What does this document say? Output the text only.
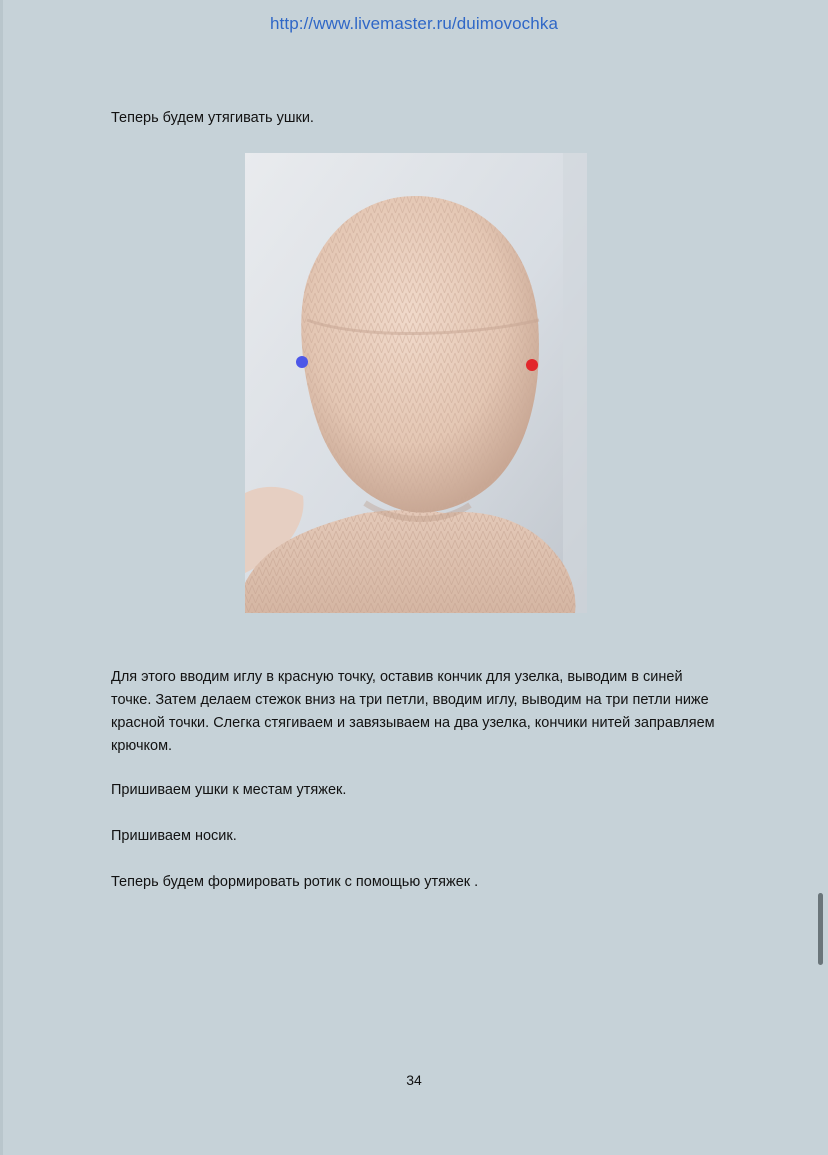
http://www.livemaster.ru/duimovochka

Теперь будем утягивать ушки.

Для этого вводим иглу в красную точку, оставив кончик для узелка, выводим в синей точке. Затем делаем стежок вниз на три петли, вводим иглу, выводим на три петли ниже красной точки. Слегка стягиваем и завязываем на два узелка, кончики нитей заправляем крючком.

Пришиваем ушки к местам утяжек.

Пришиваем носик.

Теперь будем формировать ротик с помощью утяжек .

34
